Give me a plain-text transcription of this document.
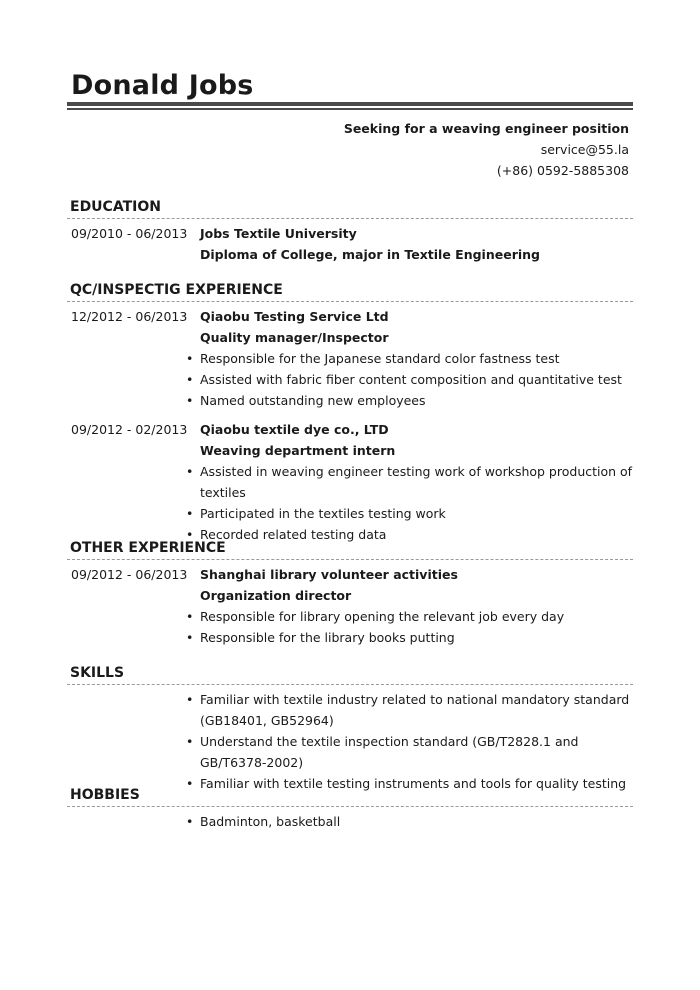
Donald Jobs
Seeking for a weaving engineer position
service@55.la
(+86) 0592-5885308
EDUCATION
09/2010 - 06/2013 Jobs Textile University
Diploma of College, major in Textile Engineering
QC/INSPECTIG EXPERIENCE
12/2012 - 06/2013 Qiaobu Testing Service Ltd
Quality manager/Inspector
• Responsible for the Japanese standard color fastness test
• Assisted with fabric fiber content composition and quantitative test
• Named outstanding new employees
09/2012 - 02/2013 Qiaobu textile dye co., LTD
Weaving department intern
• Assisted in weaving engineer testing work of workshop production of textiles
• Participated in the textiles testing work
• Recorded related testing data
OTHER EXPERIENCE
09/2012 - 06/2013 Shanghai library volunteer activities
Organization director
• Responsible for library opening the relevant job every day
• Responsible for the library books putting
SKILLS
• Familiar with textile industry related to national mandatory standard (GB18401, GB52964)
• Understand the textile inspection standard (GB/T2828.1 and GB/T6378-2002)
• Familiar with textile testing instruments and tools for quality testing
HOBBIES
• Badminton, basketball
